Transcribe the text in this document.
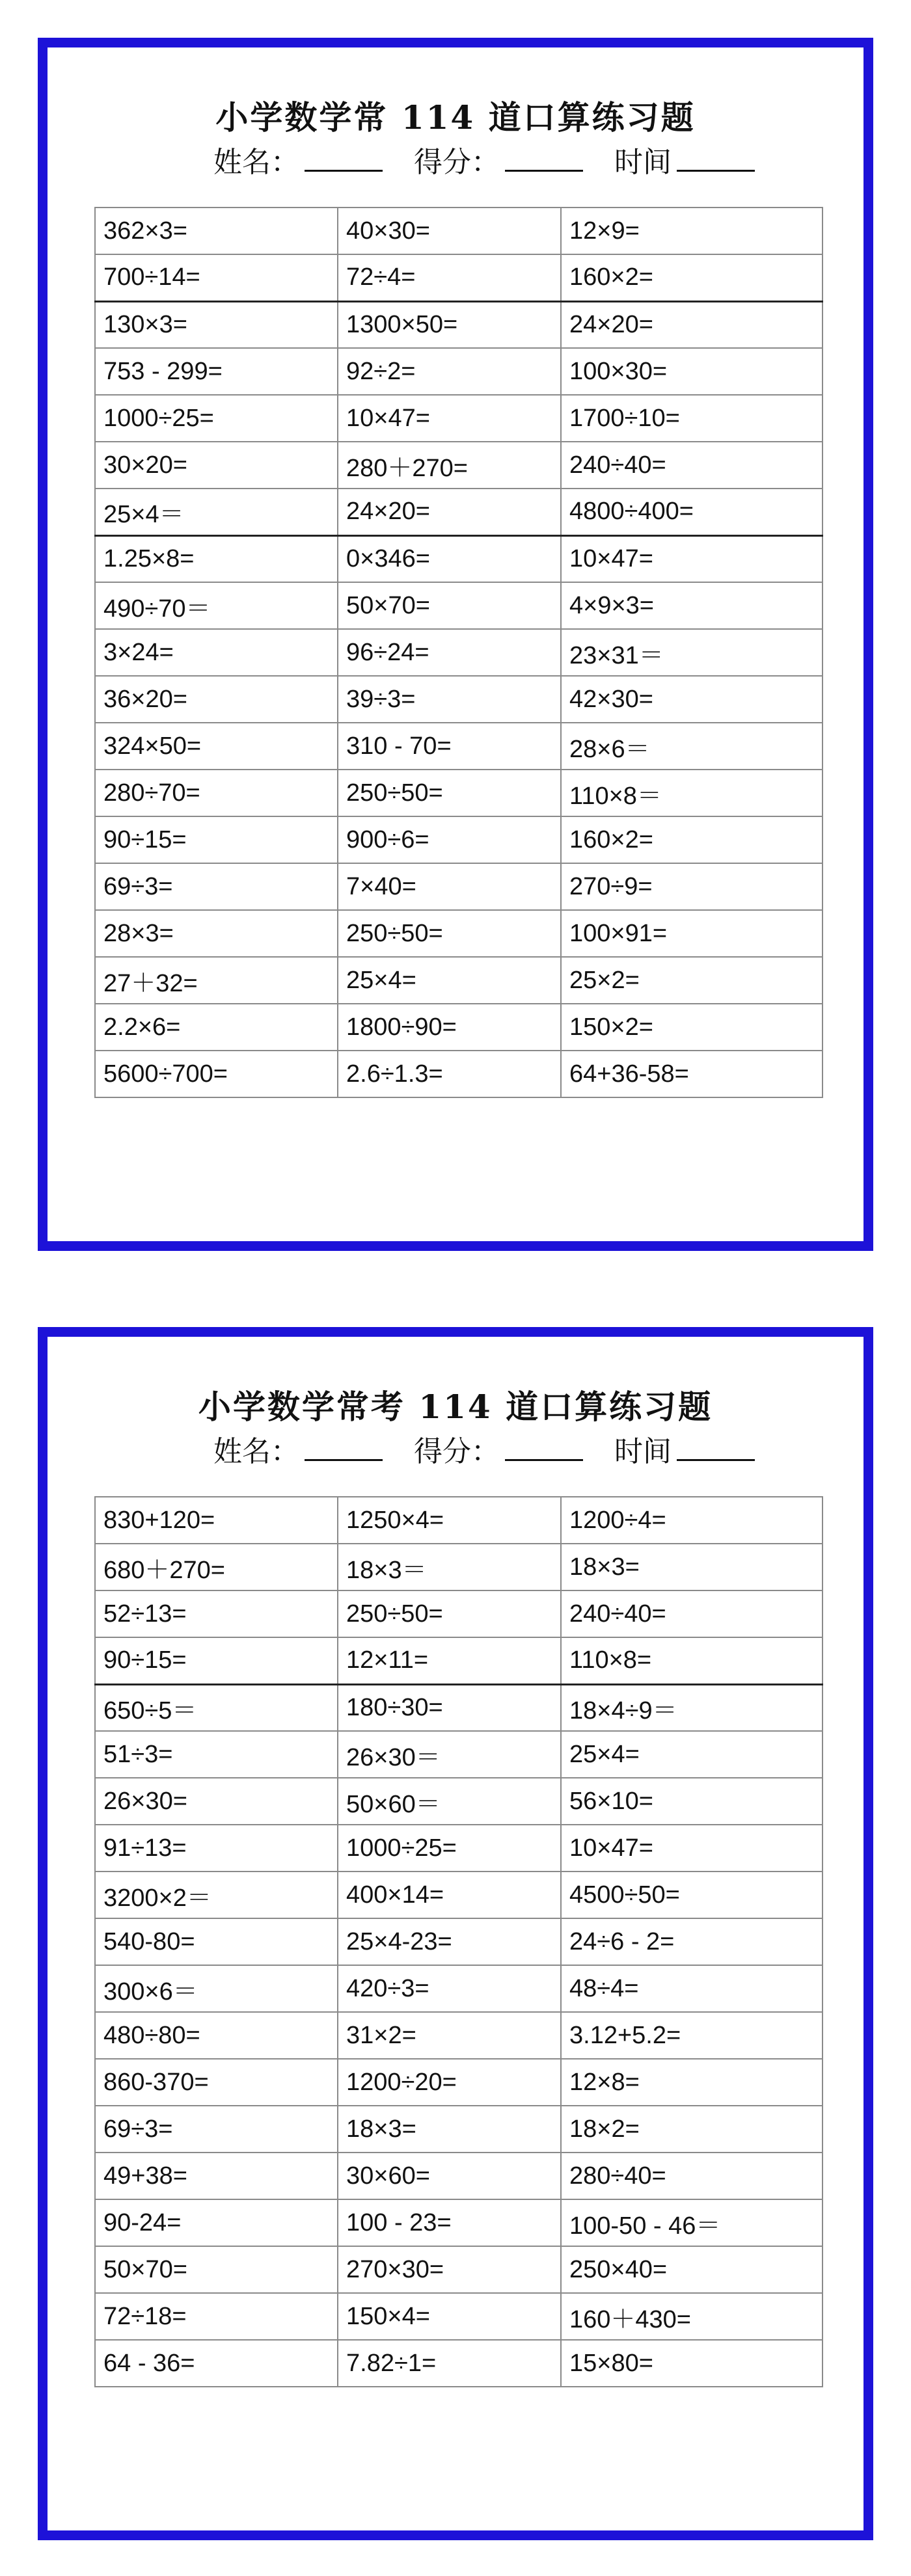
小学数学常 114 道口算练习题
姓名：	得分：	时间
362×3=	40×30=	12×9=
700÷14=	72÷4=	160×2=
130×3=	1300×50=	24×20=
753 - 299=	92÷2=	100×30=
1000÷25=	10×47=	1700÷10=
30×20=	280＋270=	240÷40=
25×4＝	24×20=	4800÷400=
1.25×8=	0×346=	10×47=
490÷70＝	50×70=	4×9×3=
3×24=	96÷24=	23×31＝
36×20=	39÷3=	42×30=
324×50=	310 - 70=	28×6＝
280÷70=	250÷50=	110×8＝
90÷15=	900÷6=	160×2=
69÷3=	7×40=	270÷9=
28×3=	250÷50=	100×91=
27＋32=	25×4=	25×2=
2.2×6=	1800÷90=	150×2=
5600÷700=	2.6÷1.3=	64+36-58=
小学数学常考 114 道口算练习题
姓名：	得分：	时间
830+120=	1250×4=	1200÷4=
680＋270=	18×3＝	18×3=
52÷13=	250÷50=	240÷40=
90÷15=	12×11=	110×8=
650÷5＝	180÷30=	18×4÷9＝
51÷3=	26×30＝	25×4=
26×30=	50×60＝	56×10=
91÷13=	1000÷25=	10×47=
3200×2＝	400×14=	4500÷50=
540-80=	25×4-23=	24÷6 - 2=
300×6＝	420÷3=	48÷4=
480÷80=	31×2=	3.12+5.2=
860-370=	1200÷20=	12×8=
69÷3=	18×3=	18×2=
49+38=	30×60=	280÷40=
90-24=	100 - 23=	100-50 - 46＝
50×70=	270×30=	250×40=
72÷18=	150×4=	160＋430=
64 - 36=	7.82÷1=	15×80=
